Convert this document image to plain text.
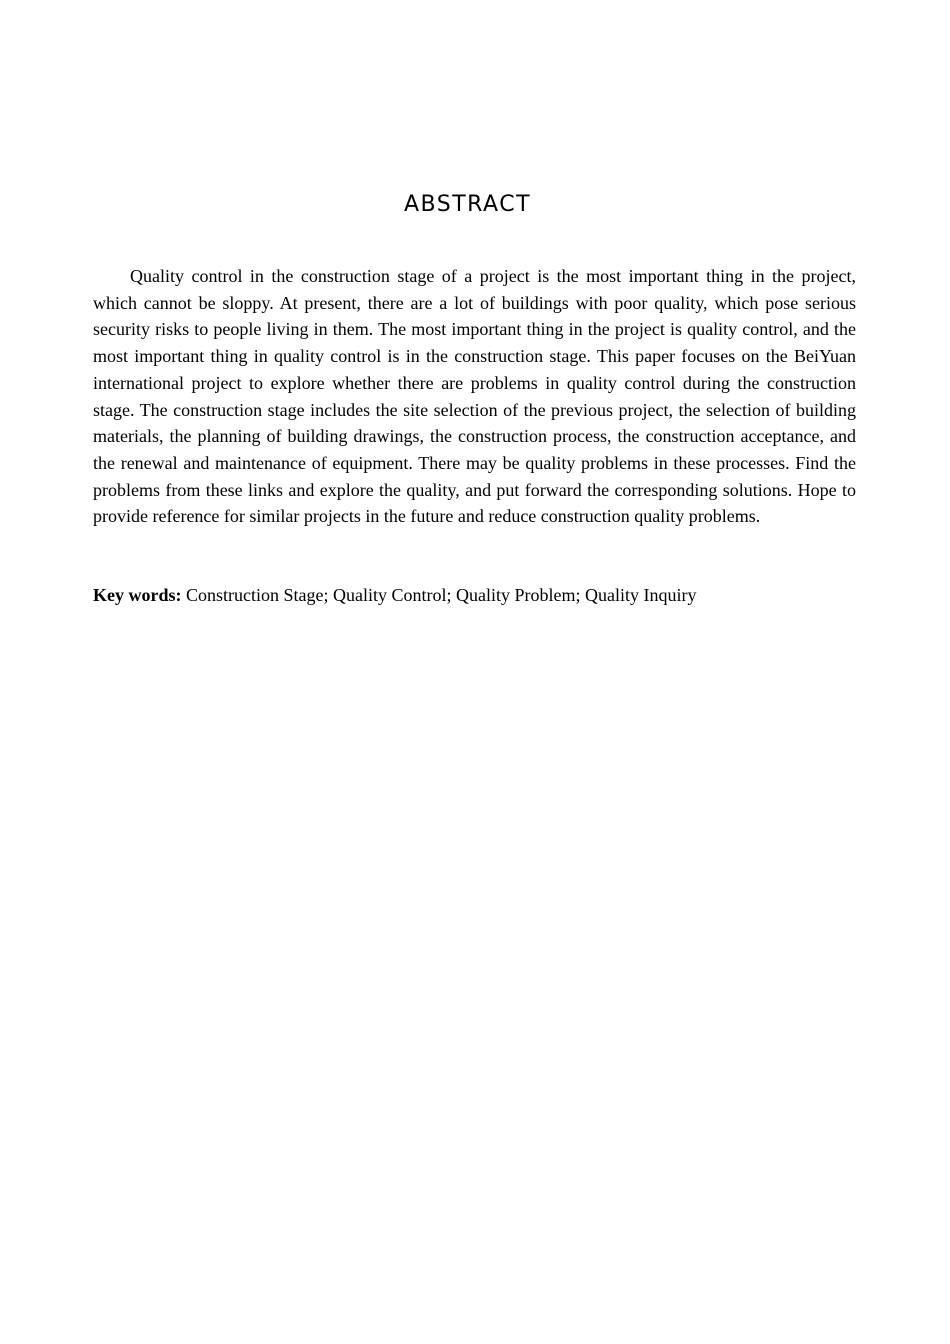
ABSTRACT

Quality control in the construction stage of a project is the most important thing in the project, which cannot be sloppy. At present, there are a lot of buildings with poor quality, which pose serious security risks to people living in them. The most important thing in the project is quality control, and the most important thing in quality control is in the construction stage. This paper focuses on the BeiYuan international project to explore whether there are problems in quality control during the construction stage. The construction stage includes the site selection of the previous project, the selection of building materials, the planning of building drawings, the construction process, the construction acceptance, and the renewal and maintenance of equipment. There may be quality problems in these processes. Find the problems from these links and explore the quality, and put forward the corresponding solutions. Hope to provide reference for similar projects in the future and reduce construction quality problems.

Key words: Construction Stage; Quality Control; Quality Problem; Quality Inquiry
